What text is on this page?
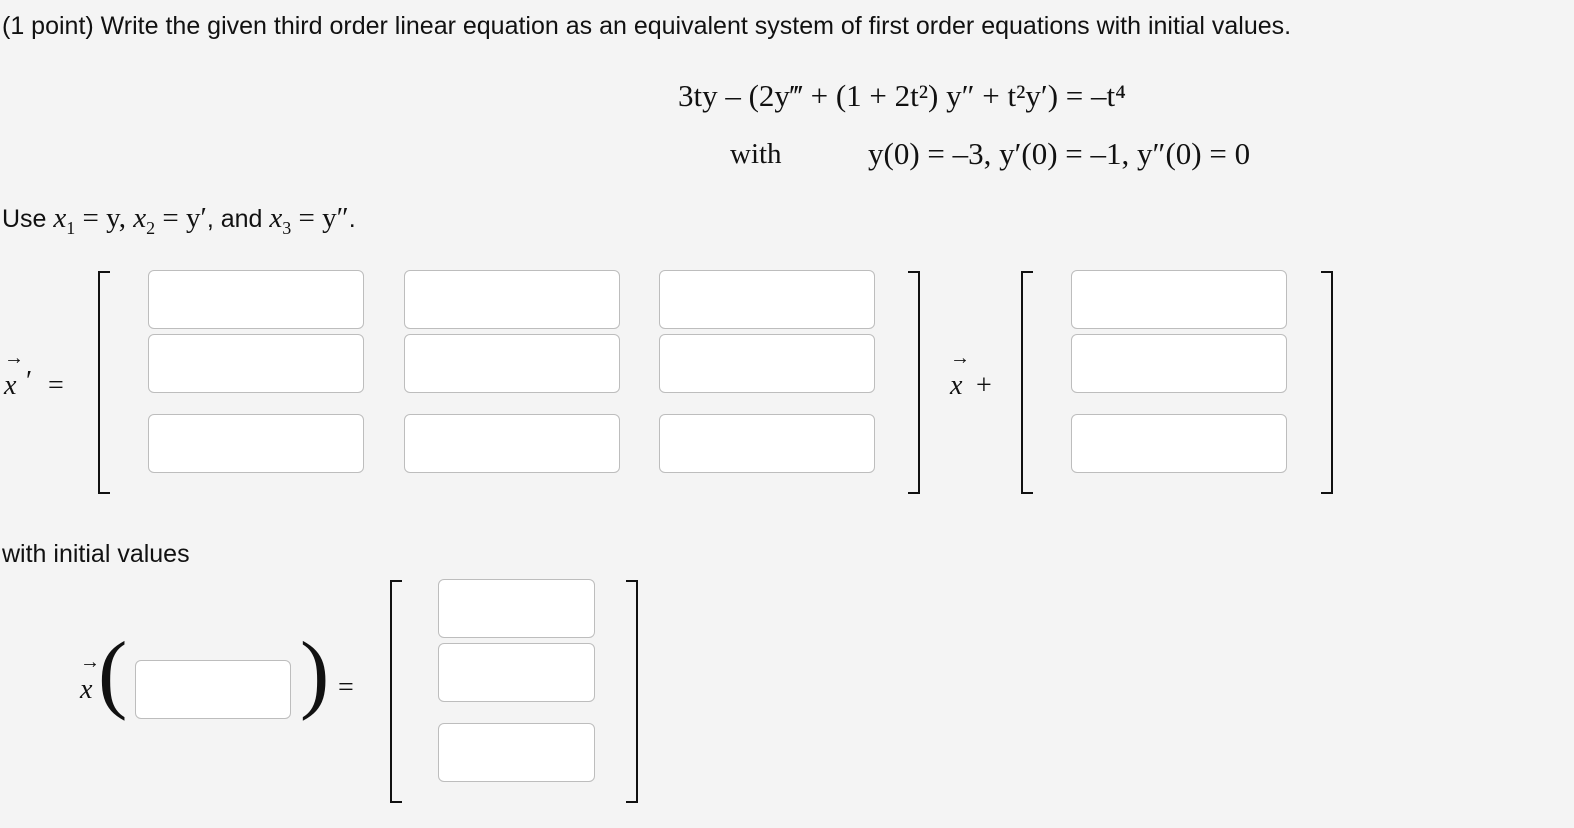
(1 point) Write the given third order linear equation as an equivalent system of first order equations with initial values.
3ty – (2y‴ + (1 + 2t²) y″ + t²y′) = –t⁴
with	y(0) = –3, y′(0) = –1, y″(0) = 0
Use $x_1 = y$, $x_2 = y'$, and $x_3 = y''$.
→
x ′ =
→
x +
with initial values
→
x ( ) =
